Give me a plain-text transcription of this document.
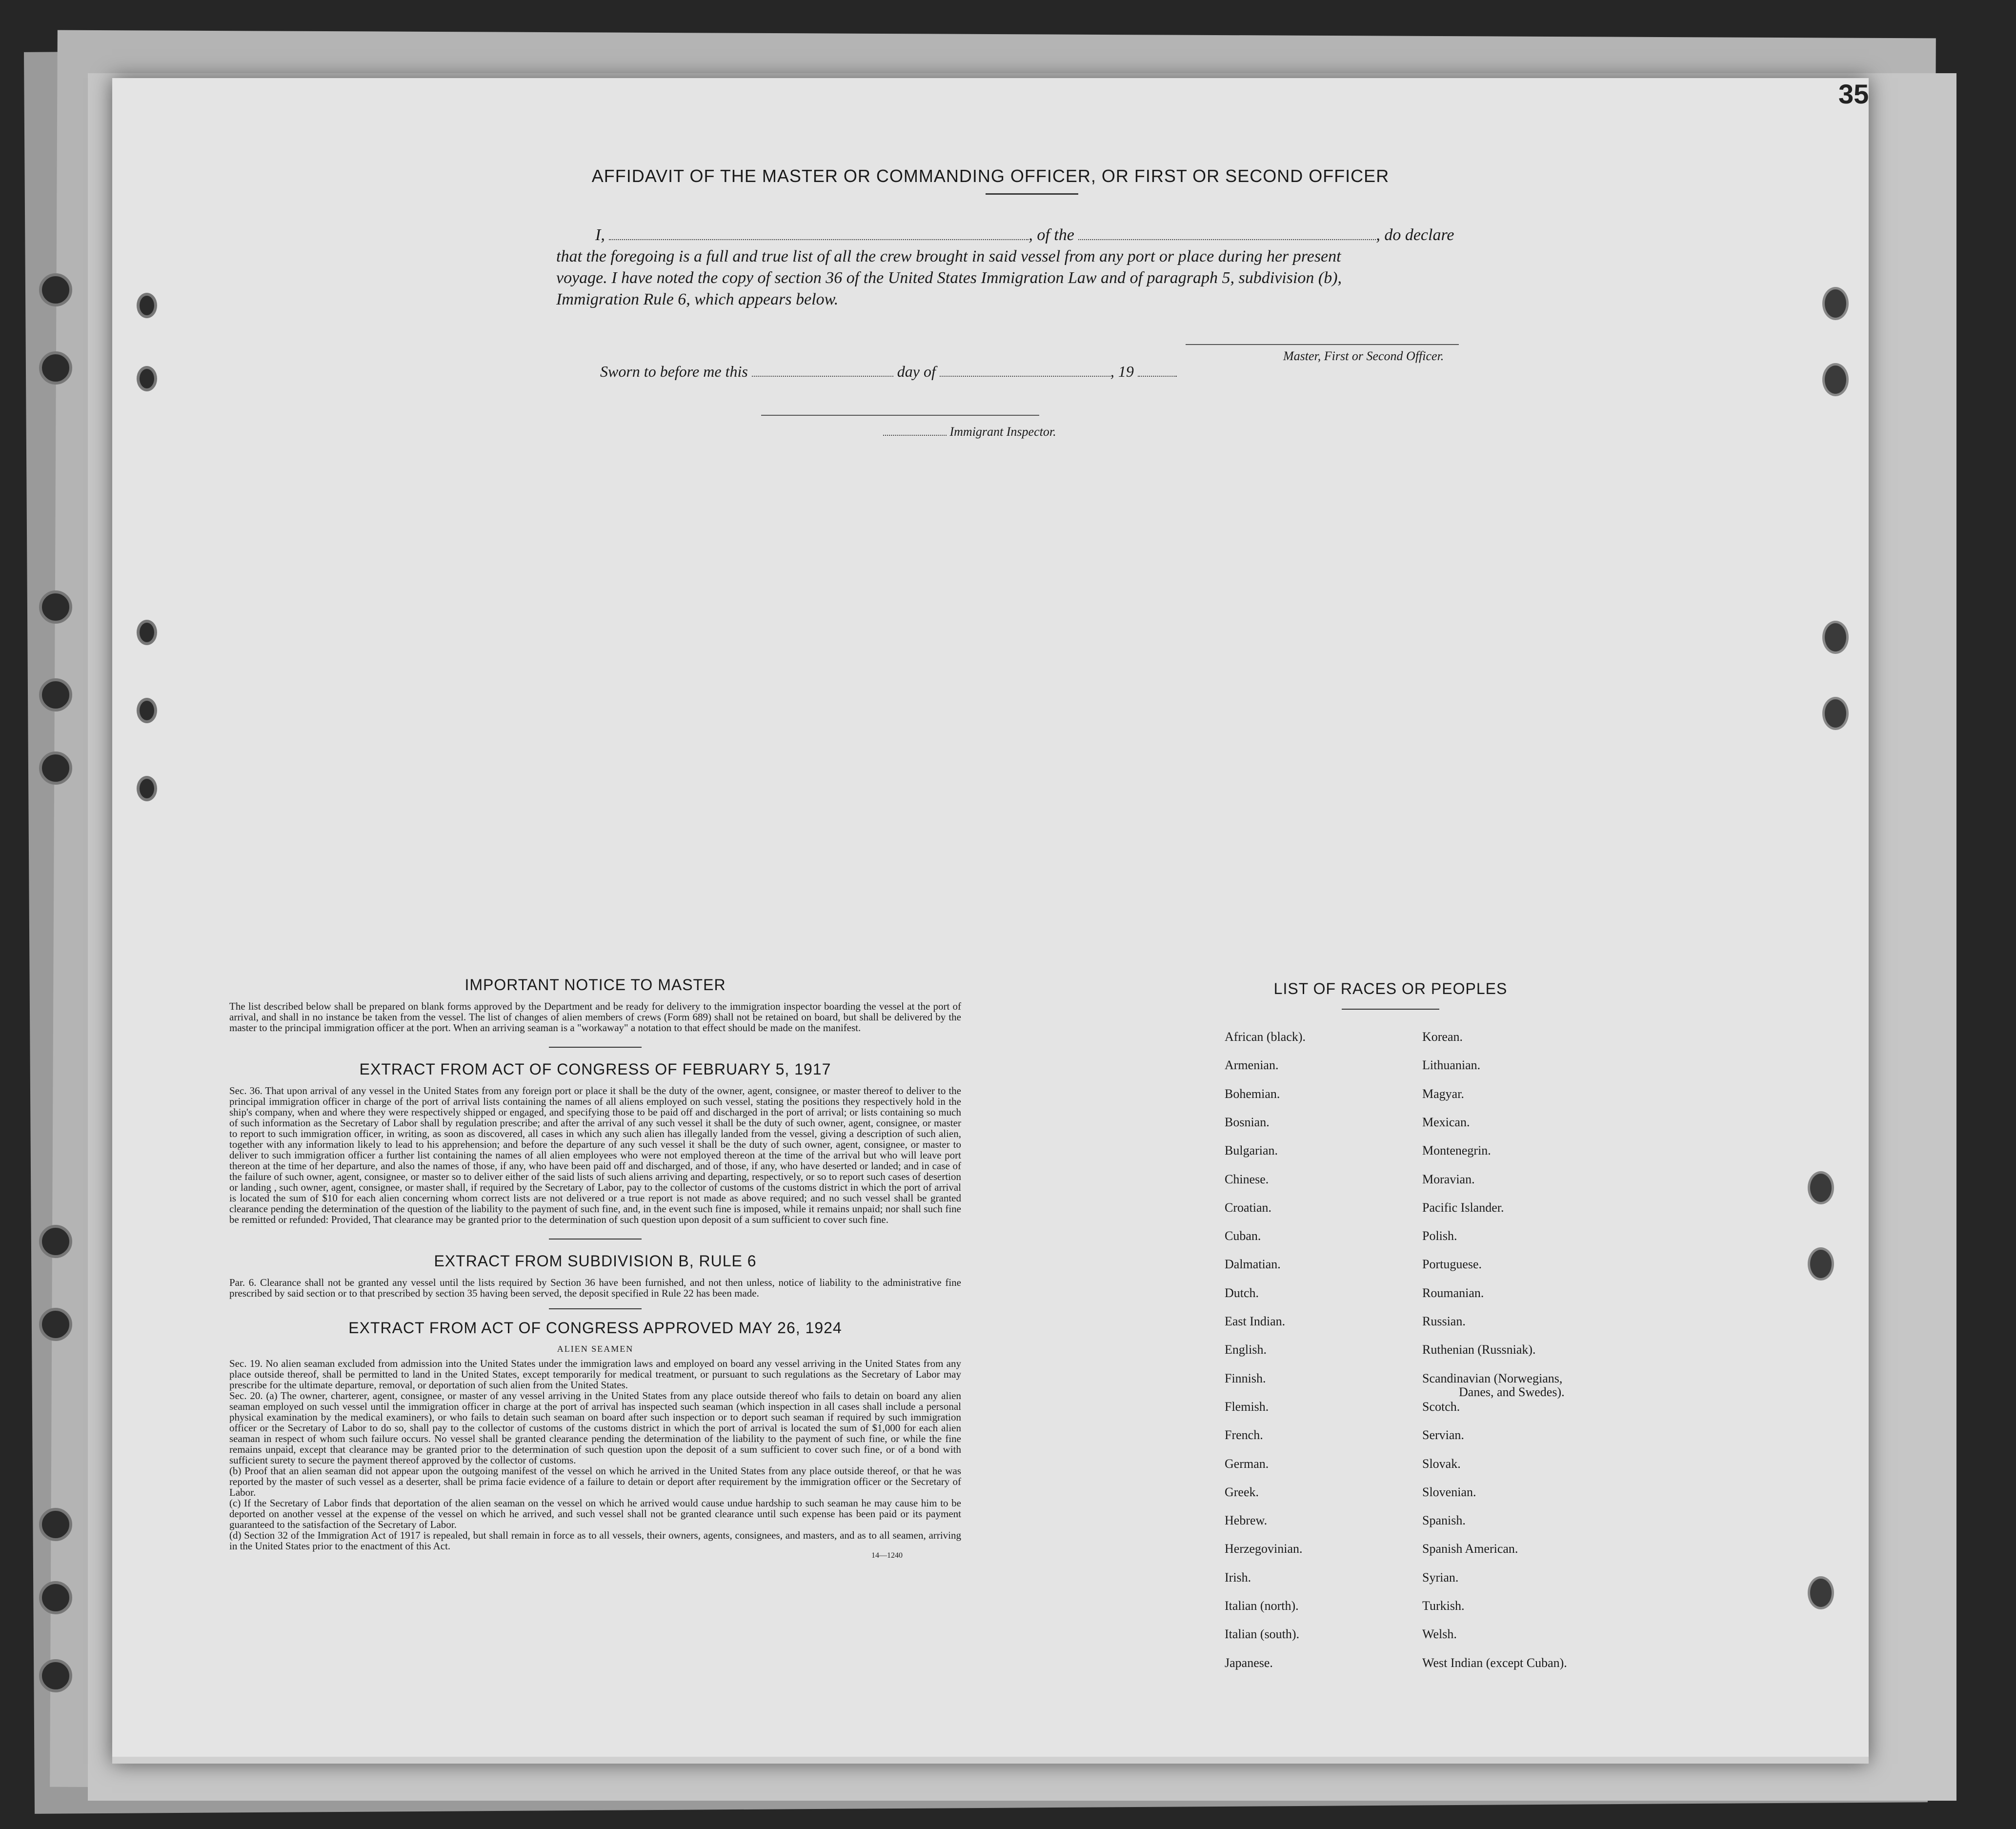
35
AFFIDAVIT OF THE MASTER OR COMMANDING OFFICER, OR FIRST OR SECOND OFFICER
I,	, of the	, do declare
that the foregoing is a full and true list of all the crew brought in said vessel from any port or place during her present
voyage. I have noted the copy of section 36 of the United States Immigration Law and of paragraph 5, subdivision (b),
Immigration Rule 6, which appears below.
Master, First or Second Officer.
Sworn to before me this	day of	, 19
Immigrant Inspector.
IMPORTANT NOTICE TO MASTER

The list described below shall be prepared on blank forms approved by the Department and be ready for delivery to the immigration inspector boarding the vessel at the port of arrival, and shall in no instance be taken from the vessel. The list of changes of alien members of crews (Form 689) shall not be retained on board, but shall be delivered by the master to the principal immigration officer at the port. When an arriving seaman is a "workaway" a notation to that effect should be made on the manifest.

EXTRACT FROM ACT OF CONGRESS OF FEBRUARY 5, 1917

Sec. 36. That upon arrival of any vessel in the United States from any foreign port or place it shall be the duty of the owner, agent, consignee, or master thereof to deliver to the principal immigration officer in charge of the port of arrival lists containing the names of all aliens employed on such vessel, stating the positions they respectively hold in the ship's company, when and where they were respectively shipped or engaged, and specifying those to be paid off and discharged in the port of arrival; or lists containing so much of such information as the Secretary of Labor shall by regulation prescribe; and after the arrival of any such vessel it shall be the duty of such owner, agent, consignee, or master to report to such immigration officer, in writing, as soon as discovered, all cases in which any such alien has illegally landed from the vessel, giving a description of such alien, together with any information likely to lead to his apprehension; and before the departure of any such vessel it shall be the duty of such owner, agent, consignee, or master to deliver to such immigration officer a further list containing the names of all alien employees who were not employed thereon at the time of the arrival but who will leave port thereon at the time of her departure, and also the names of those, if any, who have been paid off and discharged, and of those, if any, who have deserted or landed; and in case of the failure of such owner, agent, consignee, or master so to deliver either of the said lists of such aliens arriving and departing, respectively, or so to report such cases of desertion or landing , such owner, agent, consignee, or master shall, if required by the Secretary of Labor, pay to the collector of customs of the customs district in which the port of arrival is located the sum of $10 for each alien concerning whom correct lists are not delivered or a true report is not made as above required; and no such vessel shall be granted clearance pending the determination of the question of the liability to the payment of such fine, and, in the event such fine is imposed, while it remains unpaid; nor shall such fine be remitted or refunded: Provided, That clearance may be granted prior to the determination of such question upon deposit of a sum sufficient to cover such fine.

EXTRACT FROM SUBDIVISION B, RULE 6

Par. 6. Clearance shall not be granted any vessel until the lists required by Section 36 have been furnished, and not then unless, notice of liability to the administrative fine prescribed by said section or to that prescribed by section 35 having been served, the deposit specified in Rule 22 has been made.

EXTRACT FROM ACT OF CONGRESS APPROVED MAY 26, 1924
ALIEN SEAMEN

Sec. 19. No alien seaman excluded from admission into the United States under the immigration laws and employed on board any vessel arriving in the United States from any place outside thereof, shall be permitted to land in the United States, except temporarily for medical treatment, or pursuant to such regulations as the Secretary of Labor may prescribe for the ultimate departure, removal, or deportation of such alien from the United States.

Sec. 20. (a) The owner, charterer, agent, consignee, or master of any vessel arriving in the United States from any place outside thereof who fails to detain on board any alien seaman employed on such vessel until the immigration officer in charge at the port of arrival has inspected such seaman (which inspection in all cases shall include a personal physical examination by the medical examiners), or who fails to detain such seaman on board after such inspection or to deport such seaman if required by such immigration officer or the Secretary of Labor to do so, shall pay to the collector of customs of the customs district in which the port of arrival is located the sum of $1,000 for each alien seaman in respect of whom such failure occurs. No vessel shall be granted clearance pending the determination of the liability to the payment of such fine, or while the fine remains unpaid, except that clearance may be granted prior to the determination of such question upon the deposit of a sum sufficient to cover such fine, or of a bond with sufficient surety to secure the payment thereof approved by the collector of customs.

(b) Proof that an alien seaman did not appear upon the outgoing manifest of the vessel on which he arrived in the United States from any place outside thereof, or that he was reported by the master of such vessel as a deserter, shall be prima facie evidence of a failure to detain or deport after requirement by the immigration officer or the Secretary of Labor.

(c) If the Secretary of Labor finds that deportation of the alien seaman on the vessel on which he arrived would cause undue hardship to such seaman he may cause him to be deported on another vessel at the expense of the vessel on which he arrived, and such vessel shall not be granted clearance until such expense has been paid or its payment guaranteed to the satisfaction of the Secretary of Labor.

(d) Section 32 of the Immigration Act of 1917 is repealed, but shall remain in force as to all vessels, their owners, agents, consignees, and masters, and as to all seamen, arriving in the United States prior to the enactment of this Act.

14—1240
LIST OF RACES OR PEOPLES
African (black).
Armenian.
Bohemian.
Bosnian.
Bulgarian.
Chinese.
Croatian.
Cuban.
Dalmatian.
Dutch.
East Indian.
English.
Finnish.
Flemish.
French.
German.
Greek.
Hebrew.
Herzegovinian.
Irish.
Italian (north).
Italian (south).
Japanese.
Korean.
Lithuanian.
Magyar.
Mexican.
Montenegrin.
Moravian.
Pacific Islander.
Polish.
Portuguese.
Roumanian.
Russian.
Ruthenian (Russniak).
Scandinavian (Norwegians,
Danes, and Swedes).
Scotch.
Servian.
Slovak.
Slovenian.
Spanish.
Spanish American.
Syrian.
Turkish.
Welsh.
West Indian (except Cuban).
